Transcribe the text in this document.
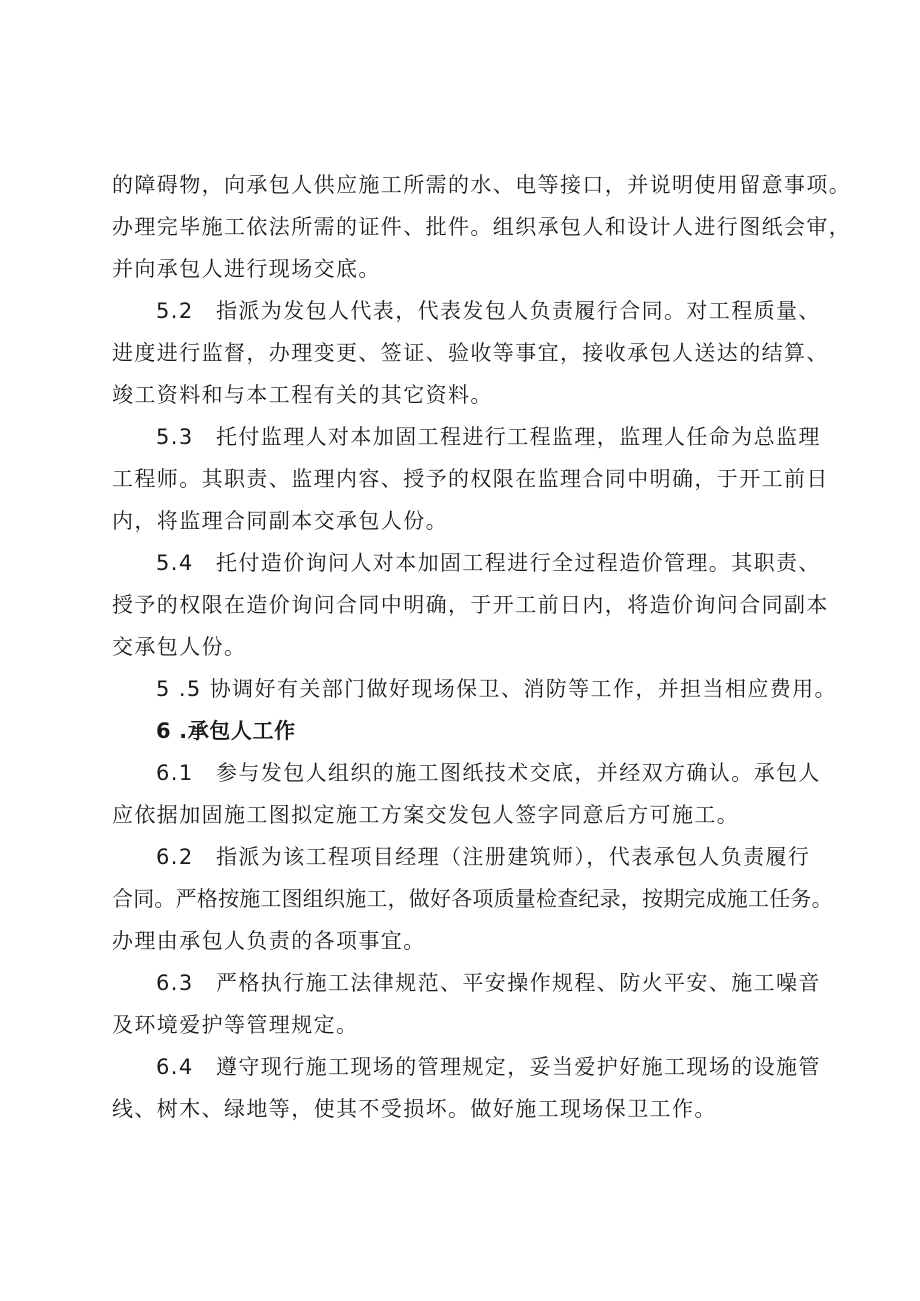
的障碍物，向承包人供应施工所需的水、电等接口，并说明使用留意事项。
办理完毕施工依法所需的证件、批件。组织承包人和设计人进行图纸会审，
并向承包人进行现场交底。
5.2　指派为发包人代表，代表发包人负责履行合同。对工程质量、
进度进行监督，办理变更、签证、验收等事宜，接收承包人送达的结算、
竣工资料和与本工程有关的其它资料。
5.3　托付监理人对本加固工程进行工程监理，监理人任命为总监理
工程师。其职责、监理内容、授予的权限在监理合同中明确，于开工前日
内，将监理合同副本交承包人份。
5.4　托付造价询问人对本加固工程进行全过程造价管理。其职责、
授予的权限在造价询问合同中明确，于开工前日内，将造价询问合同副本
交承包人份。
5 .5 协调好有关部门做好现场保卫、消防等工作，并担当相应费用。
6 .承包人工作
6.1　参与发包人组织的施工图纸技术交底，并经双方确认。承包人
应依据加固施工图拟定施工方案交发包人签字同意后方可施工。
6.2　指派为该工程项目经理（注册建筑师），代表承包人负责履行
合同。严格按施工图组织施工，做好各项质量检查纪录，按期完成施工任务。
办理由承包人负责的各项事宜。
6.3　严格执行施工法律规范、平安操作规程、防火平安、施工噪音
及环境爱护等管理规定。
6.4　遵守现行施工现场的管理规定，妥当爱护好施工现场的设施管
线、树木、绿地等，使其不受损坏。做好施工现场保卫工作。
